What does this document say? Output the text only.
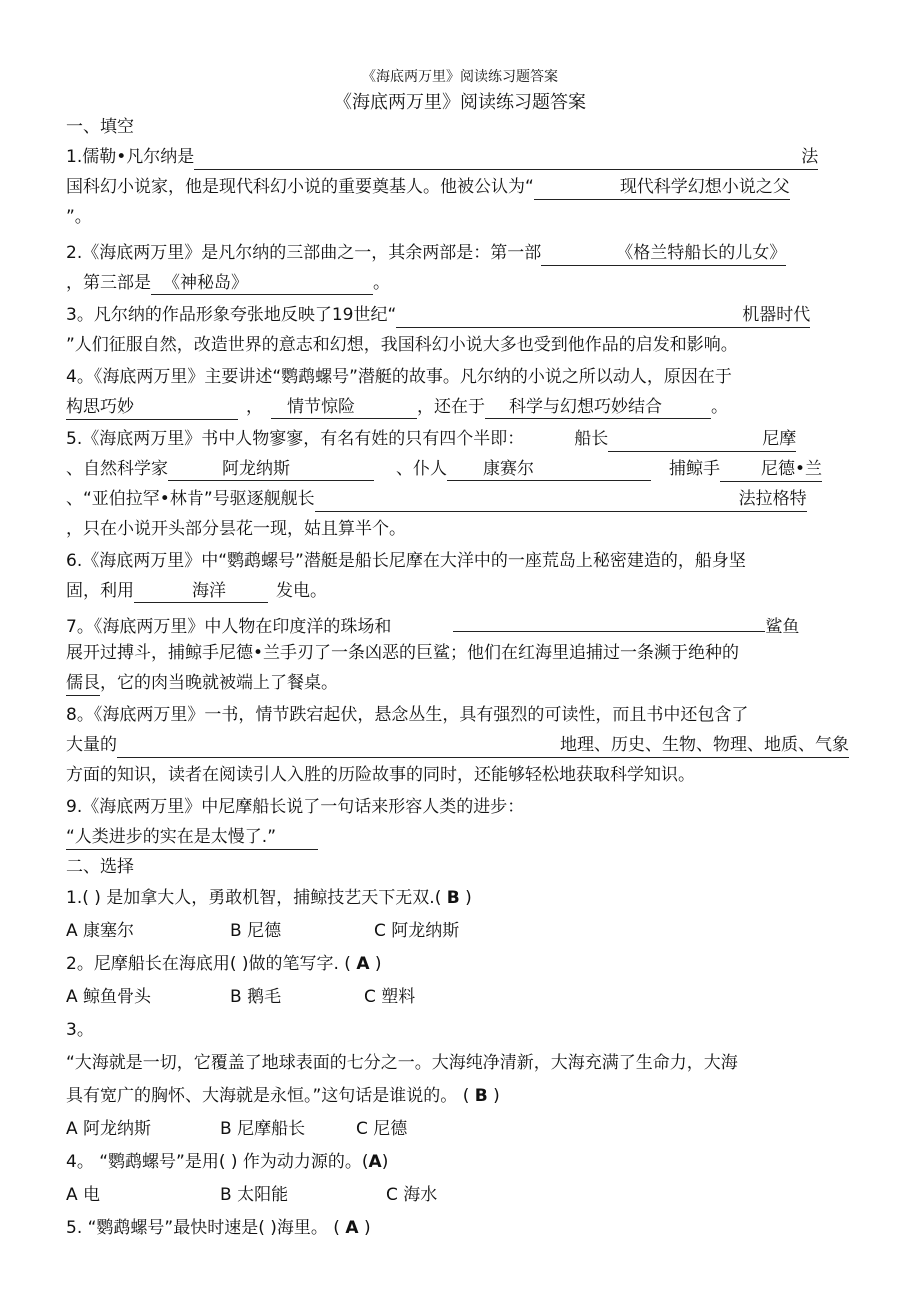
《海底两万里》阅读练习题答案
《海底两万里》阅读练习题答案
一、填空
1.儒勒•凡尔纳是	法
国科幻小说家，他是现代科幻小说的重要奠基人。他被公认为“	现代科学幻想小说之父
”。
2.《海底两万里》是凡尔纳的三部曲之一，其余两部是：第一部	《格兰特船长的儿女》
，第三部是 《神秘岛》	。
3。凡尔纳的作品形象夸张地反映了19世纪“	机器时代
”人们征服自然，改造世界的意志和幻想，我国科幻小说大多也受到他作品的启发和影响。
4。《海底两万里》主要讲述“鹦鹉螺号”潜艇的故事。凡尔纳的小说之所以动人，原因在于
构思巧妙	， 情节惊险	，还在于 科学与幻想巧妙结合	。
5.《海底两万里》书中人物寥寥，有名有姓的只有四个半即：	船长	尼摩
、自然科学家	阿龙纳斯	、仆人 康赛尔	捕鲸手 尼德•兰
、“亚伯拉罕•林肯”号驱逐舰舰长	法拉格特
，只在小说开头部分昙花一现，姑且算半个。
6.《海底两万里》中“鹦鹉螺号”潜艇是船长尼摩在大洋中的一座荒岛上秘密建造的，船身坚
固，利用	海洋	发电。
7。《海底两万里》中人物在印度洋的珠场和	鲨鱼
展开过搏斗，捕鲸手尼德•兰手刃了一条凶恶的巨鲨；他们在红海里追捕过一条濒于绝种的
儒艮，它的肉当晚就被端上了餐桌。
8。《海底两万里》一书，情节跌宕起伏，悬念丛生，具有强烈的可读性，而且书中还包含了
大量的	地理、历史、生物、物理、地质、气象
方面的知识，读者在阅读引人入胜的历险故事的同时，还能够轻松地获取科学知识。
9.《海底两万里》中尼摩船长说了一句话来形容人类的进步：
“人类进步的实在是太慢了.”
二、选择
1.( ) 是加拿大人，勇敢机智，捕鲸技艺天下无双.( B )
A 康塞尔	B 尼德	C 阿龙纳斯
2。尼摩船长在海底用( )做的笔写字. ( A )
A 鲸鱼骨头	B 鹅毛	C 塑料
3。
“大海就是一切，它覆盖了地球表面的七分之一。大海纯净清新，大海充满了生命力，大海
具有宽广的胸怀、大海就是永恒。”这句话是谁说的。 ( B )
A 阿龙纳斯	B 尼摩船长	C 尼德
4。 “鹦鹉螺号”是用( ) 作为动力源的。(A)
A 电	B 太阳能	C 海水
5. “鹦鹉螺号”最快时速是( )海里。 ( A )
